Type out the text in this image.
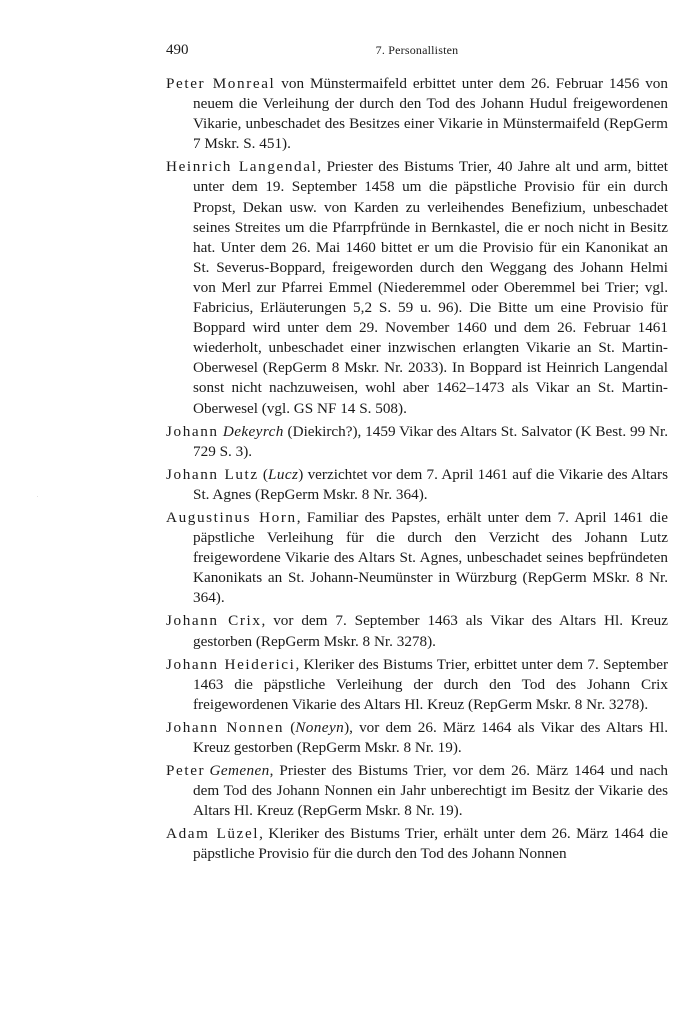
490	7. Personallisten

Peter Monreal von Münstermaifeld erbittet unter dem 26. Februar 1456 von neuem die Verleihung der durch den Tod des Johann Hudul freigewordenen Vikarie, unbeschadet des Besitzes einer Vikarie in Münstermaifeld (RepGerm 7 Mskr. S. 451).

Heinrich Langendal, Priester des Bistums Trier, 40 Jahre alt und arm, bittet unter dem 19. September 1458 um die päpstliche Provisio für ein durch Propst, Dekan usw. von Karden zu verleihendes Benefizium, unbeschadet seines Streites um die Pfarrpfründe in Bernkastel, die er noch nicht in Besitz hat. Unter dem 26. Mai 1460 bittet er um die Provisio für ein Kanonikat an St. Severus-Boppard, freigeworden durch den Weggang des Johann Helmi von Merl zur Pfarrei Emmel (Niederemmel oder Oberemmel bei Trier; vgl. Fabricius, Erläuterungen 5,2 S. 59 u. 96). Die Bitte um eine Provisio für Boppard wird unter dem 29. November 1460 und dem 26. Februar 1461 wiederholt, unbeschadet einer inzwischen erlangten Vikarie an St. Martin-Oberwesel (RepGerm 8 Mskr. Nr. 2033). In Boppard ist Heinrich Langendal sonst nicht nachzuweisen, wohl aber 1462–1473 als Vikar an St. Martin-Oberwesel (vgl. GS NF 14 S. 508).

Johann Dekeyrch (Diekirch?), 1459 Vikar des Altars St. Salvator (K Best. 99 Nr. 729 S. 3).

Johann Lutz (Lucz) verzichtet vor dem 7. April 1461 auf die Vikarie des Altars St. Agnes (RepGerm Mskr. 8 Nr. 364).

Augustinus Horn, Familiar des Papstes, erhält unter dem 7. April 1461 die päpstliche Verleihung für die durch den Verzicht des Johann Lutz freigewordene Vikarie des Altars St. Agnes, unbeschadet seines bepfründeten Kanonikats an St. Johann-Neumünster in Würzburg (RepGerm MSkr. 8 Nr. 364).

Johann Crix, vor dem 7. September 1463 als Vikar des Altars Hl. Kreuz gestorben (RepGerm Mskr. 8 Nr. 3278).

Johann Heiderici, Kleriker des Bistums Trier, erbittet unter dem 7. September 1463 die päpstliche Verleihung der durch den Tod des Johann Crix freigewordenen Vikarie des Altars Hl. Kreuz (RepGerm Mskr. 8 Nr. 3278).

Johann Nonnen (Noneyn), vor dem 26. März 1464 als Vikar des Altars Hl. Kreuz gestorben (RepGerm Mskr. 8 Nr. 19).

Peter Gemenen, Priester des Bistums Trier, vor dem 26. März 1464 und nach dem Tod des Johann Nonnen ein Jahr unberechtigt im Besitz der Vikarie des Altars Hl. Kreuz (RepGerm Mskr. 8 Nr. 19).

Adam Lüzel, Kleriker des Bistums Trier, erhält unter dem 26. März 1464 die päpstliche Provisio für die durch den Tod des Johann Nonnen
